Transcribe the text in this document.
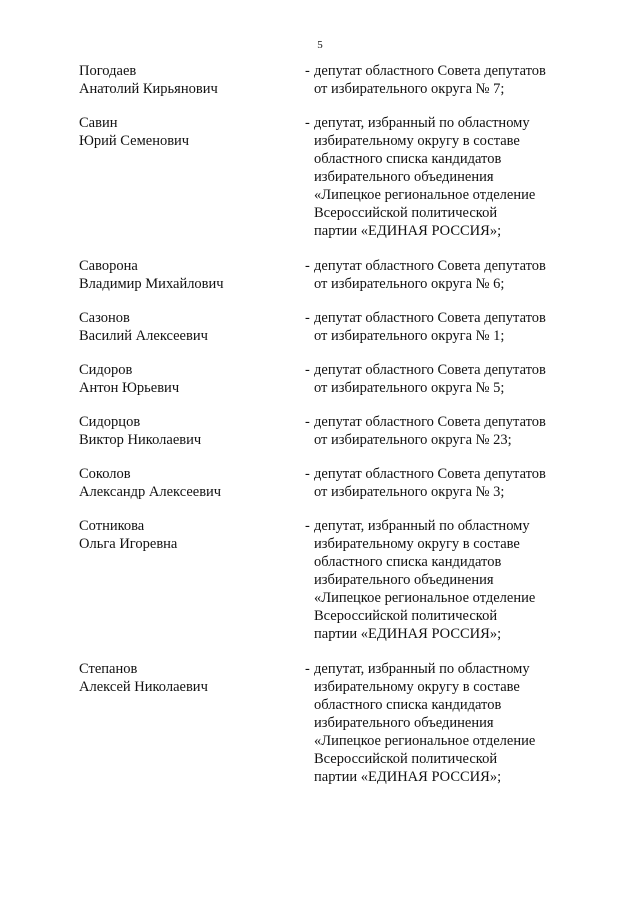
5
Погодаев
Анатолий Кирьянович
- депутат областного Совета депутатов
от избирательного округа № 7;
Савин
Юрий Семенович
- депутат, избранный по областному
избирательному округу в составе
областного списка кандидатов
избирательного объединения
«Липецкое региональное отделение
Всероссийской политической
партии «ЕДИНАЯ РОССИЯ»;
Саворона
Владимир Михайлович
- депутат областного Совета депутатов
от избирательного округа № 6;
Сазонов
Василий Алексеевич
- депутат областного Совета депутатов
от избирательного округа № 1;
Сидоров
Антон Юрьевич
- депутат областного Совета депутатов
от избирательного округа № 5;
Сидорцов
Виктор Николаевич
- депутат областного Совета депутатов
от избирательного округа № 23;
Соколов
Александр Алексеевич
- депутат областного Совета депутатов
от избирательного округа № 3;
Сотникова
Ольга Игоревна
- депутат, избранный по областному
избирательному округу в составе
областного списка кандидатов
избирательного объединения
«Липецкое региональное отделение
Всероссийской политической
партии «ЕДИНАЯ РОССИЯ»;
Степанов
Алексей Николаевич
- депутат, избранный по областному
избирательному округу в составе
областного списка кандидатов
избирательного объединения
«Липецкое региональное отделение
Всероссийской политической
партии «ЕДИНАЯ РОССИЯ»;
